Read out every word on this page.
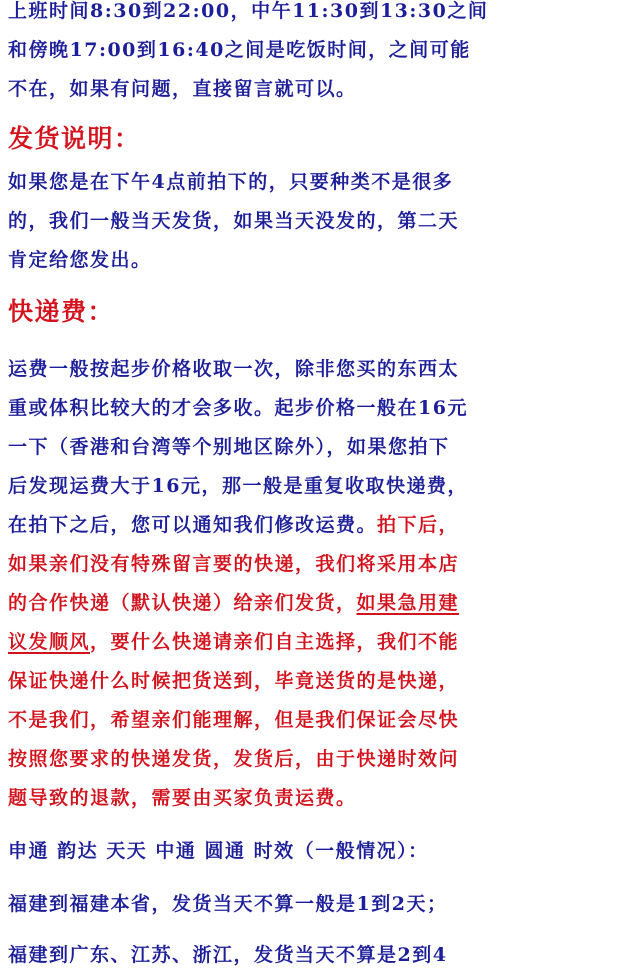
上班时间8:30到22:00，中午11:30到13:30之间
和傍晚17:00到16:40之间是吃饭时间，之间可能
不在，如果有问题，直接留言就可以。

发货说明：

如果您是在下午4点前拍下的，只要种类不是很多
的，我们一般当天发货，如果当天没发的，第二天
肯定给您发出。

快递费：

运费一般按起步价格收取一次，除非您买的东西太
重或体积比较大的才会多收。起步价格一般在16元
一下（香港和台湾等个别地区除外），如果您拍下
后发现运费大于16元，那一般是重复收取快递费，
在拍下之后，您可以通知我们修改运费。拍下后，
如果亲们没有特殊留言要的快递，我们将采用本店
的合作快递（默认快递）给亲们发货，如果急用建
议发顺风，要什么快递请亲们自主选择，我们不能
保证快递什么时候把货送到，毕竟送货的是快递，
不是我们，希望亲们能理解，但是我们保证会尽快
按照您要求的快递发货，发货后，由于快递时效问
题导致的退款，需要由买家负责运费。

申通 韵达 天天 中通 圆通 时效（一般情况）：

福建到福建本省，发货当天不算一般是1到2天；

福建到广东、江苏、浙江，发货当天不算是2到4
